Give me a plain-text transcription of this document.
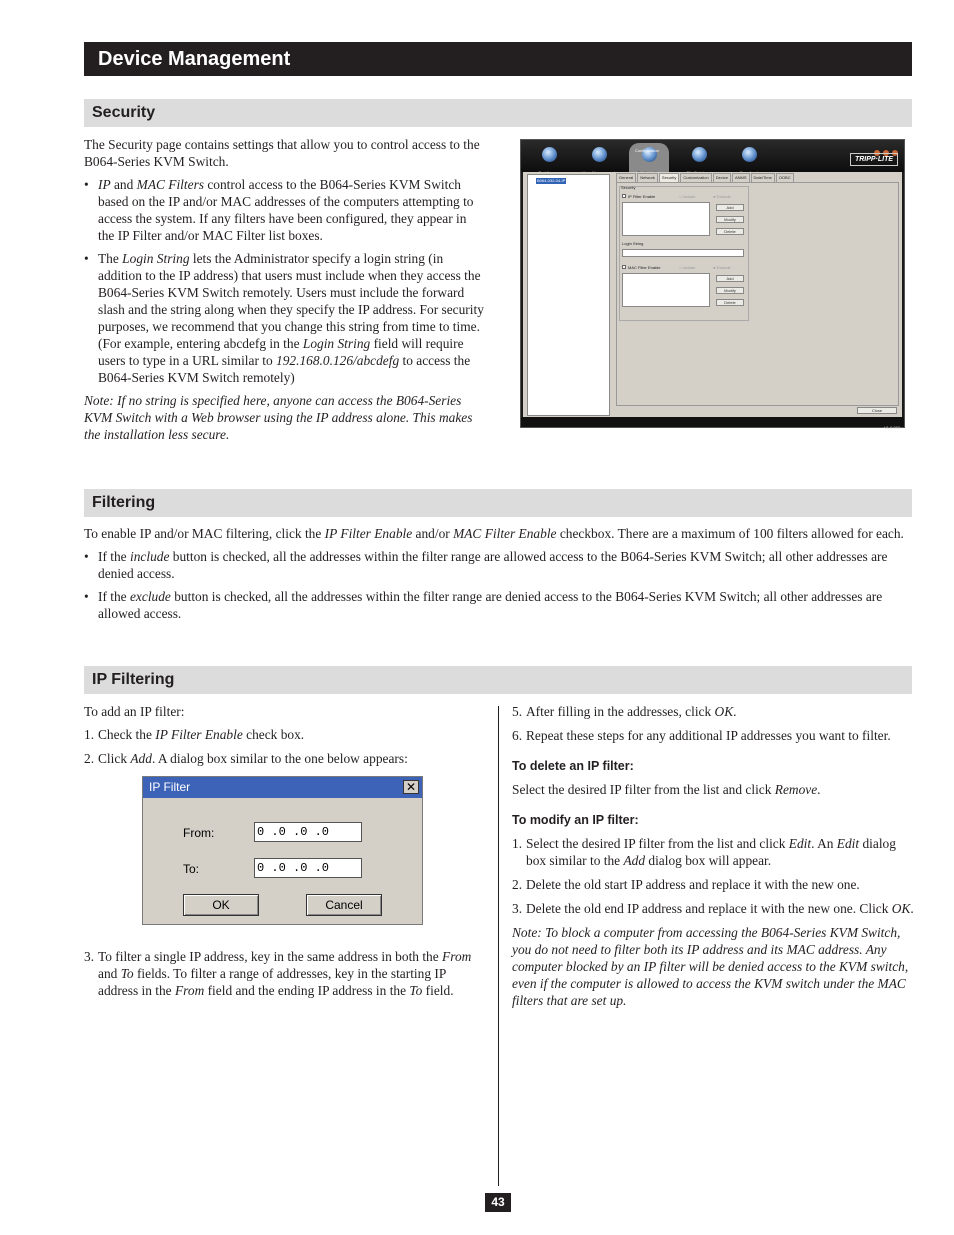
Device Management
Security

The Security page contains settings that allow you to control access to the B064-Series KVM Switch.

• IP and MAC Filters control access to the B064-Series KVM Switch based on the IP and/or MAC addresses of the computers attempting to access the system. If any filters have been configured, they appear in the IP Filter and/or MAC Filter list boxes.
• The Login String lets the Administrator specify a login string (in addition to the IP address) that users must include when they access the B064-Series KVM Switch remotely. Users must include the forward slash and the string along when they specify the IP address. For security purposes, we recommend that you change this string from time to time. (For example, entering abcdefg in the Login String field will require users to type in a URL similar to 192.168.0.126/abcdefg to access the B064-Series KVM Switch remotely)

Note: If no string is specified here, anyone can access the B064-Series KVM Switch with a Web browser using the IP address alone. This makes the installation less secure.

Configuration
TRIPP·LITE
B064-032-04-IP
General Network Security Customization Device ANMS Date/Time OOBC
Security
IP Filter Enable	○ Include	● Exclude
Add
Modify
Delete
Login String
MAC Filter Enable	○ Include	● Exclude
Add
Modify
Delete
Close
V1.0.083
Filtering

To enable IP and/or MAC filtering, click the IP Filter Enable and/or MAC Filter Enable checkbox. There are a maximum of 100 filters allowed for each.

• If the include button is checked, all the addresses within the filter range are allowed access to the B064-Series KVM Switch; all other addresses are denied access.
• If the exclude button is checked, all the addresses within the filter range are denied access to the B064-Series KVM Switch; all other addresses are allowed access.
IP Filtering

To add an IP filter:

1. Check the IP Filter Enable check box.
2. Click Add. A dialog box similar to the one below appears:
3. To filter a single IP address, key in the same address in both the From and To fields. To filter a range of addresses, key in the starting IP address in the From field and the ending IP address in the To field.
IP Filter	✕
From:	0 .0 .0 .0
To:	0 .0 .0 .0
OK	Cancel
5. After filling in the addresses, click OK.
6. Repeat these steps for any additional IP addresses you want to filter.
To delete an IP filter:

Select the desired IP filter from the list and click Remove.

To modify an IP filter:
1. Select the desired IP filter from the list and click Edit. An Edit dialog box similar to the Add dialog box will appear.
2. Delete the old start IP address and replace it with the new one.
3. Delete the old end IP address and replace it with the new one. Click OK.

Note: To block a computer from accessing the B064-Series KVM Switch, you do not need to filter both its IP address and its MAC address. Any computer blocked by an IP filter will be denied access to the KVM switch, even if the computer is allowed to access the KVM switch under the MAC filters that are set up.

43
